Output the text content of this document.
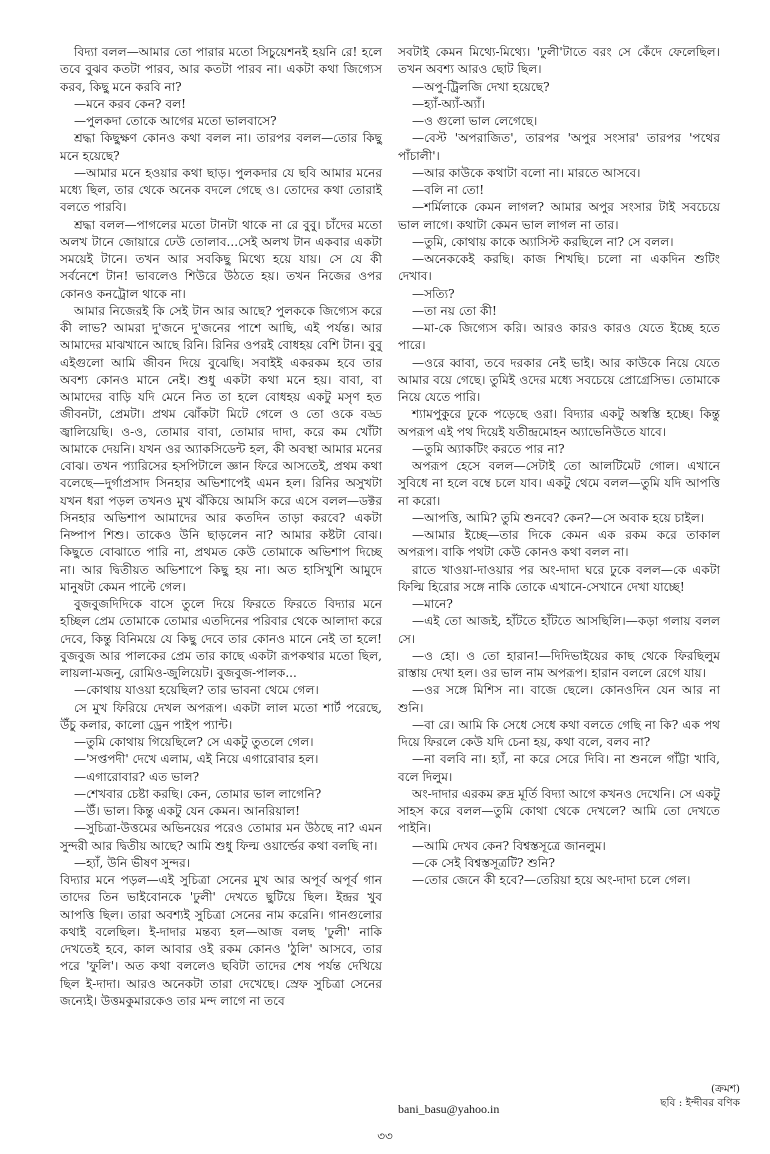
বিদ্যা বলল—আমার তো পারার মতো সিচুয়েশনই হয়নি রে! হলে তবে বুঝব কতটা পারব, আর কতটা পারব না। একটা কথা জিগ্যেস করব, কিছু মনে করবি না?

—মনে করব কেন? বল!

—পুলকদা তোকে আগের মতো ভালবাসে?

শ্রদ্ধা কিছুক্ষণ কোনও কথা বলল না। তারপর বলল—তোর কিছু মনে হয়েছে?

—আমার মনে হওয়ার কথা ছাড়। পুলকদার যে ছবি আমার মনের মধ্যে ছিল, তার থেকে অনেক বদলে গেছে ও। তোদের কথা তোরাই বলতে পারবি।

শ্রদ্ধা বলল—পাগলের মতো টানটা থাকে না রে বুবু। চাঁদের মতো অলখ টানে জোয়ারে ঢেউ তোলাব...সেই অলখ টান একবার একটা সময়েই টানে। তখন আর সবকিছু মিথ্যে হয়ে যায়। সে যে কী সর্বনেশে টান! ভাবলেও শিউরে উঠতে হয়। তখন নিজের ওপর কোনও কনট্রোল থাকে না।

আমার নিজেরই কি সেই টান আর আছে? পুলককে জিগ্যেস করে কী লাভ? আমরা দু'জনে দু'জনের পাশে আছি, এই পর্যন্ত। আর আমাদের মাঝখানে আছে রিনি। রিনির ওপরই বোধহয় বেশি টান। বুবু এইগুলো আমি জীবন দিয়ে বুঝেছি। সবাইই একরকম হবে তার অবশ্য কোনও মানে নেই। শুধু একটা কথা মনে হয়। বাবা, বা আমাদের বাড়ি যদি মেনে নিত তা হলে বোধহয় একটু মসৃণ হত জীবনটা, প্রেমটা। প্রথম ঝোঁকটা মিটে গেলে ও তো ওকে বড্ড জ্বালিয়েছি। ও-ও, তোমার বাবা, তোমার দাদা, করে কম খোঁটা আমাকে দেয়নি। যখন ওর অ্যাকসিডেন্ট হল, কী অবস্থা আমার মনের বোঝ। তখন প্যারিসের হসপিটালে জ্ঞান ফিরে আসতেই, প্রথম কথা বলেছে—দুর্গাপ্রসাদ সিনহার অভিশাপেই এমন হল। রিনির অসুখটা যখন ধরা পড়ল তখনও মুখ ঝঁকিয়ে আমসি করে এসে বলল—ডক্টর সিনহার অভিশাপ আমাদের আর কতদিন তাড়া করবে? একটা নিষ্পাপ শিশু। তাকেও উনি ছাড়লেন না? আমার কষ্টটা বোঝ। কিছুতে বোঝাতে পারি না, প্রথমত কেউ তোমাকে অভিশাপ দিচ্ছে না। আর দ্বিতীয়ত অভিশাপে কিছু হয় না। অত হাসিখুশি আমুদে মানুষটা কেমন পাল্টে গেল।

বুজবুজদিদিকে বাসে তুলে দিয়ে ফিরতে ফিরতে বিদ্যার মনে হচ্ছিল প্রেম তোমাকে তোমার এতদিনের পরিবার থেকে আলাদা করে দেবে, কিন্তু বিনিময়ে যে কিছু দেবে তার কোনও মানে নেই তা হলে! বুজবুজ আর পালকের প্রেম তার কাছে একটা রূপকথার মতো ছিল, লায়লা-মজনু, রোমিও-জুলিয়েট। বুজবুজ-পালক...

—কোথায় যাওয়া হয়েছিল? তার ভাবনা থেমে গেল।

সে মুখ ফিরিয়ে দেখল অপরূপ। একটা লাল মতো শার্ট পরেছে, উঁচু কলার, কালো ড্রেন পাইপ প্যান্ট।

—তুমি কোথায় গিয়েছিলে? সে একটু তুতলে গেল।

—'সপ্তপদী' দেখে এলাম, এই নিয়ে এগারোবার হল।

—এগারোবার? এত ভাল?

—শেখবার চেষ্টা করছি। কেন, তোমার ভাল লাগেনি?

—উঁ। ভাল। কিন্তু একটু যেন কেমন। আনরিয়াল!

—সুচিত্রা-উত্তমের অভিনয়ের পরেও তোমার মন উঠছে না? এমন সুন্দরী আর দ্বিতীয় আছে? আমি শুধু ফিল্ম ওয়ার্ল্ডের কথা বলছি না।

—হ্যাঁ, উনি ভীষণ সুন্দর।

বিদ্যার মনে পড়ল—এই সুচিত্রা সেনের মুখ আর অপূর্ব অপূর্ব গান তাদের তিন ভাইবোনকে 'ঢুলী' দেখতে ছুটিয়ে ছিল। ইন্দ্রর খুব আপত্তি ছিল। তারা অবশ্যই সুচিত্রা সেনের নাম করেনি। গানগুলোর কথাই বলেছিল। ই-দাদার মন্তব্য হল—আজ বলছ 'ঢুলী' নাকি দেখতেই হবে, কাল আবার ওই রকম কোনও 'ঠুলি' আসবে, তার পরে 'ফুলি'। অত কথা বললেও ছবিটা তাদের শেষ পর্যন্ত দেখিয়ে ছিল ই-দাদা। আরও অনেকটা তারা দেখেছে। স্রেফ সুচিত্রা সেনের জন্যেই। উত্তমকুমারকেও তার মন্দ লাগে না তবে

সবটাই কেমন মিথ্যে-মিথ্যে। 'ঢুলী'টাতে বরং সে কেঁদে ফেলেছিল। তখন অবশ্য আরও ছোট ছিল।

—অপু-ট্রিলজি দেখা হয়েছে?

—হ্যাঁ-অ্যাঁ-অ্যাঁ।

—ও গুলো ভাল লেগেছে।

—বেস্ট 'অপরাজিত', তারপর 'অপুর সংসার' তারপর 'পথের পাঁচালী'।

—আর কাউকে কথাটা বলো না। মারতে আসবে।

—বলি না তো!

—শর্মিলাকে কেমন লাগল? আমার অপুর সংসার টাই সবচেয়ে ভাল লাগে। কথাটা কেমন ভাল লাগল না তার।

—তুমি, কোথায় কাকে অ্যাসিস্ট করছিলে না? সে বলল।

—অনেককেই করছি। কাজ শিখছি। চলো না একদিন শুটিং দেখাব।

—সত্যি?

—তা নয় তো কী!

—মা-কে জিগ্যেস করি। আরও কারও কারও যেতে ইচ্ছে হতে পারে।

—ওরে ব্বাবা, তবে দরকার নেই ভাই। আর কাউকে নিয়ে যেতে আমার বয়ে গেছে। তুমিই ওদের মধ্যে সবচেয়ে প্রোগ্রেসিভ। তোমাকে নিয়ে যেতে পারি।

শ্যামপুকুরে ঢুকে পড়েছে ওরা। বিদ্যার একটু অস্বস্তি হচ্ছে। কিন্তু অপরূপ এই পথ দিয়েই যতীন্দ্রমোহন অ্যাভেনিউতে যাবে।

—তুমি অ্যাকটিং করতে পার না?

অপরূপ হেসে বলল—সেটাই তো আলটিমেট গোল। এখানে সুবিধে না হলে বম্বে চলে যাব। একটু থেমে বলল—তুমি যদি আপত্তি না করো।

—আপত্তি, আমি? তুমি শুনবে? কেন?—সে অবাক হয়ে চাইল।

—আমার ইচ্ছে—তার দিকে কেমন এক রকম করে তাকাল অপরূপ। বাকি পথটা কেউ কোনও কথা বলল না।

রাতে খাওয়া-দাওয়ার পর অং-দাদা ঘরে ঢুকে বলল—কে একটা ফিল্মি হিরোর সঙ্গে নাকি তোকে এখানে-সেখানে দেখা যাচ্ছে!

—মানে?

—এই তো আজই, হাঁটতে হাঁটতে আসছিলি।—কড়া গলায় বলল সে।

—ও হো। ও তো হারান!—দিদিভাইয়ের কাছ থেকে ফিরছিলুম রাস্তায় দেখা হল। ওর ভাল নাম অপরূপ। হারান বললে রেগে যায়।

—ওর সঙ্গে মিশিস না। বাজে ছেলে। কোনওদিন যেন আর না শুনি।

—বা রে। আমি কি সেধে সেধে কথা বলতে গেছি না কি? এক পথ দিয়ে ফিরলে কেউ যদি চেনা হয়, কথা বলে, বলব না?

—না বলবি না। হ্যাঁ, না করে সেরে দিবি। না শুনলে গাঁট্টা খাবি, বলে দিলুম।

অং-দাদার এরকম রুদ্র মূর্তি বিদ্যা আগে কখনও দেখেনি। সে একটু সাহস করে বলল—তুমি কোথা থেকে দেখলে? আমি তো দেখতে পাইনি।

—আমি দেখব কেন? বিশ্বস্তসূত্রে জানলুম।

—কে সেই বিশ্বস্তসূত্রটি? শুনি?

—তোর জেনে কী হবে?—তেরিয়া হয়ে অং-দাদা চলে গেল।

(ক্রমশ)
ছবি : ইন্দীবর বণিক
bani_basu@yahoo.in
৩৩
